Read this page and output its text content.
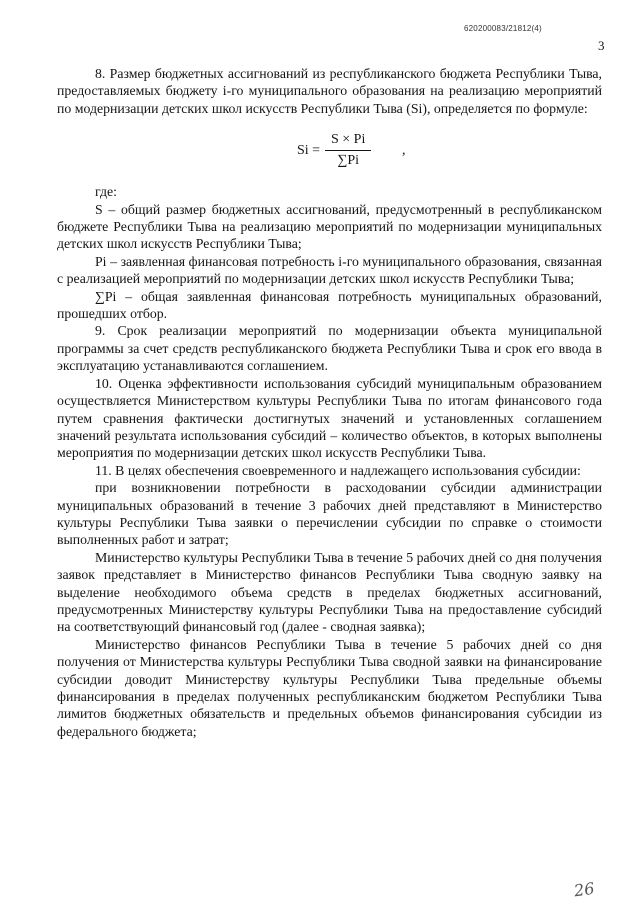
620200083/21812(4)
3

8. Размер бюджетных ассигнований из республиканского бюджета Республики Тыва, предоставляемых бюджету i-го муниципального образования на реализацию мероприятий по модернизации детских школ искусств Республики Тыва (Si), определяется по формуле:

$Si = \frac{S \times Pi}{\sum Pi}$ ,

где:

S – общий размер бюджетных ассигнований, предусмотренный в республиканском бюджете Республики Тыва на реализацию мероприятий по модернизации муниципальных детских школ искусств Республики Тыва;

Pi – заявленная финансовая потребность i-го муниципального образования, связанная с реализацией мероприятий по модернизации детских школ искусств Республики Тыва;

∑Pi – общая заявленная финансовая потребность муниципальных образований, прошедших отбор.

9. Срок реализации мероприятий по модернизации объекта муниципальной программы за счет средств республиканского бюджета Республики Тыва и срок его ввода в эксплуатацию устанавливаются соглашением.

10. Оценка эффективности использования субсидий муниципальным образованием осуществляется Министерством культуры Республики Тыва по итогам финансового года путем сравнения фактически достигнутых значений и установленных соглашением значений результата использования субсидий – количество объектов, в которых выполнены мероприятия по модернизации детских школ искусств Республики Тыва.

11. В целях обеспечения своевременного и надлежащего использования субсидии:

при возникновении потребности в расходовании субсидии администрации муниципальных образований в течение 3 рабочих дней представляют в Министерство культуры Республики Тыва заявки о перечислении субсидии по справке о стоимости выполненных работ и затрат;

Министерство культуры Республики Тыва в течение 5 рабочих дней со дня получения заявок представляет в Министерство финансов Республики Тыва сводную заявку на выделение необходимого объема средств в пределах бюджетных ассигнований, предусмотренных Министерству культуры Республики Тыва на предоставление субсидий на соответствующий финансовый год (далее - сводная заявка);

Министерство финансов Республики Тыва в течение 5 рабочих дней со дня получения от Министерства культуры Республики Тыва сводной заявки на финансирование субсидии доводит Министерству культуры Республики Тыва предельные объемы финансирования в пределах полученных республиканским бюджетом Республики Тыва лимитов бюджетных обязательств и предельных объемов финансирования субсидии из федерального бюджета;

26
